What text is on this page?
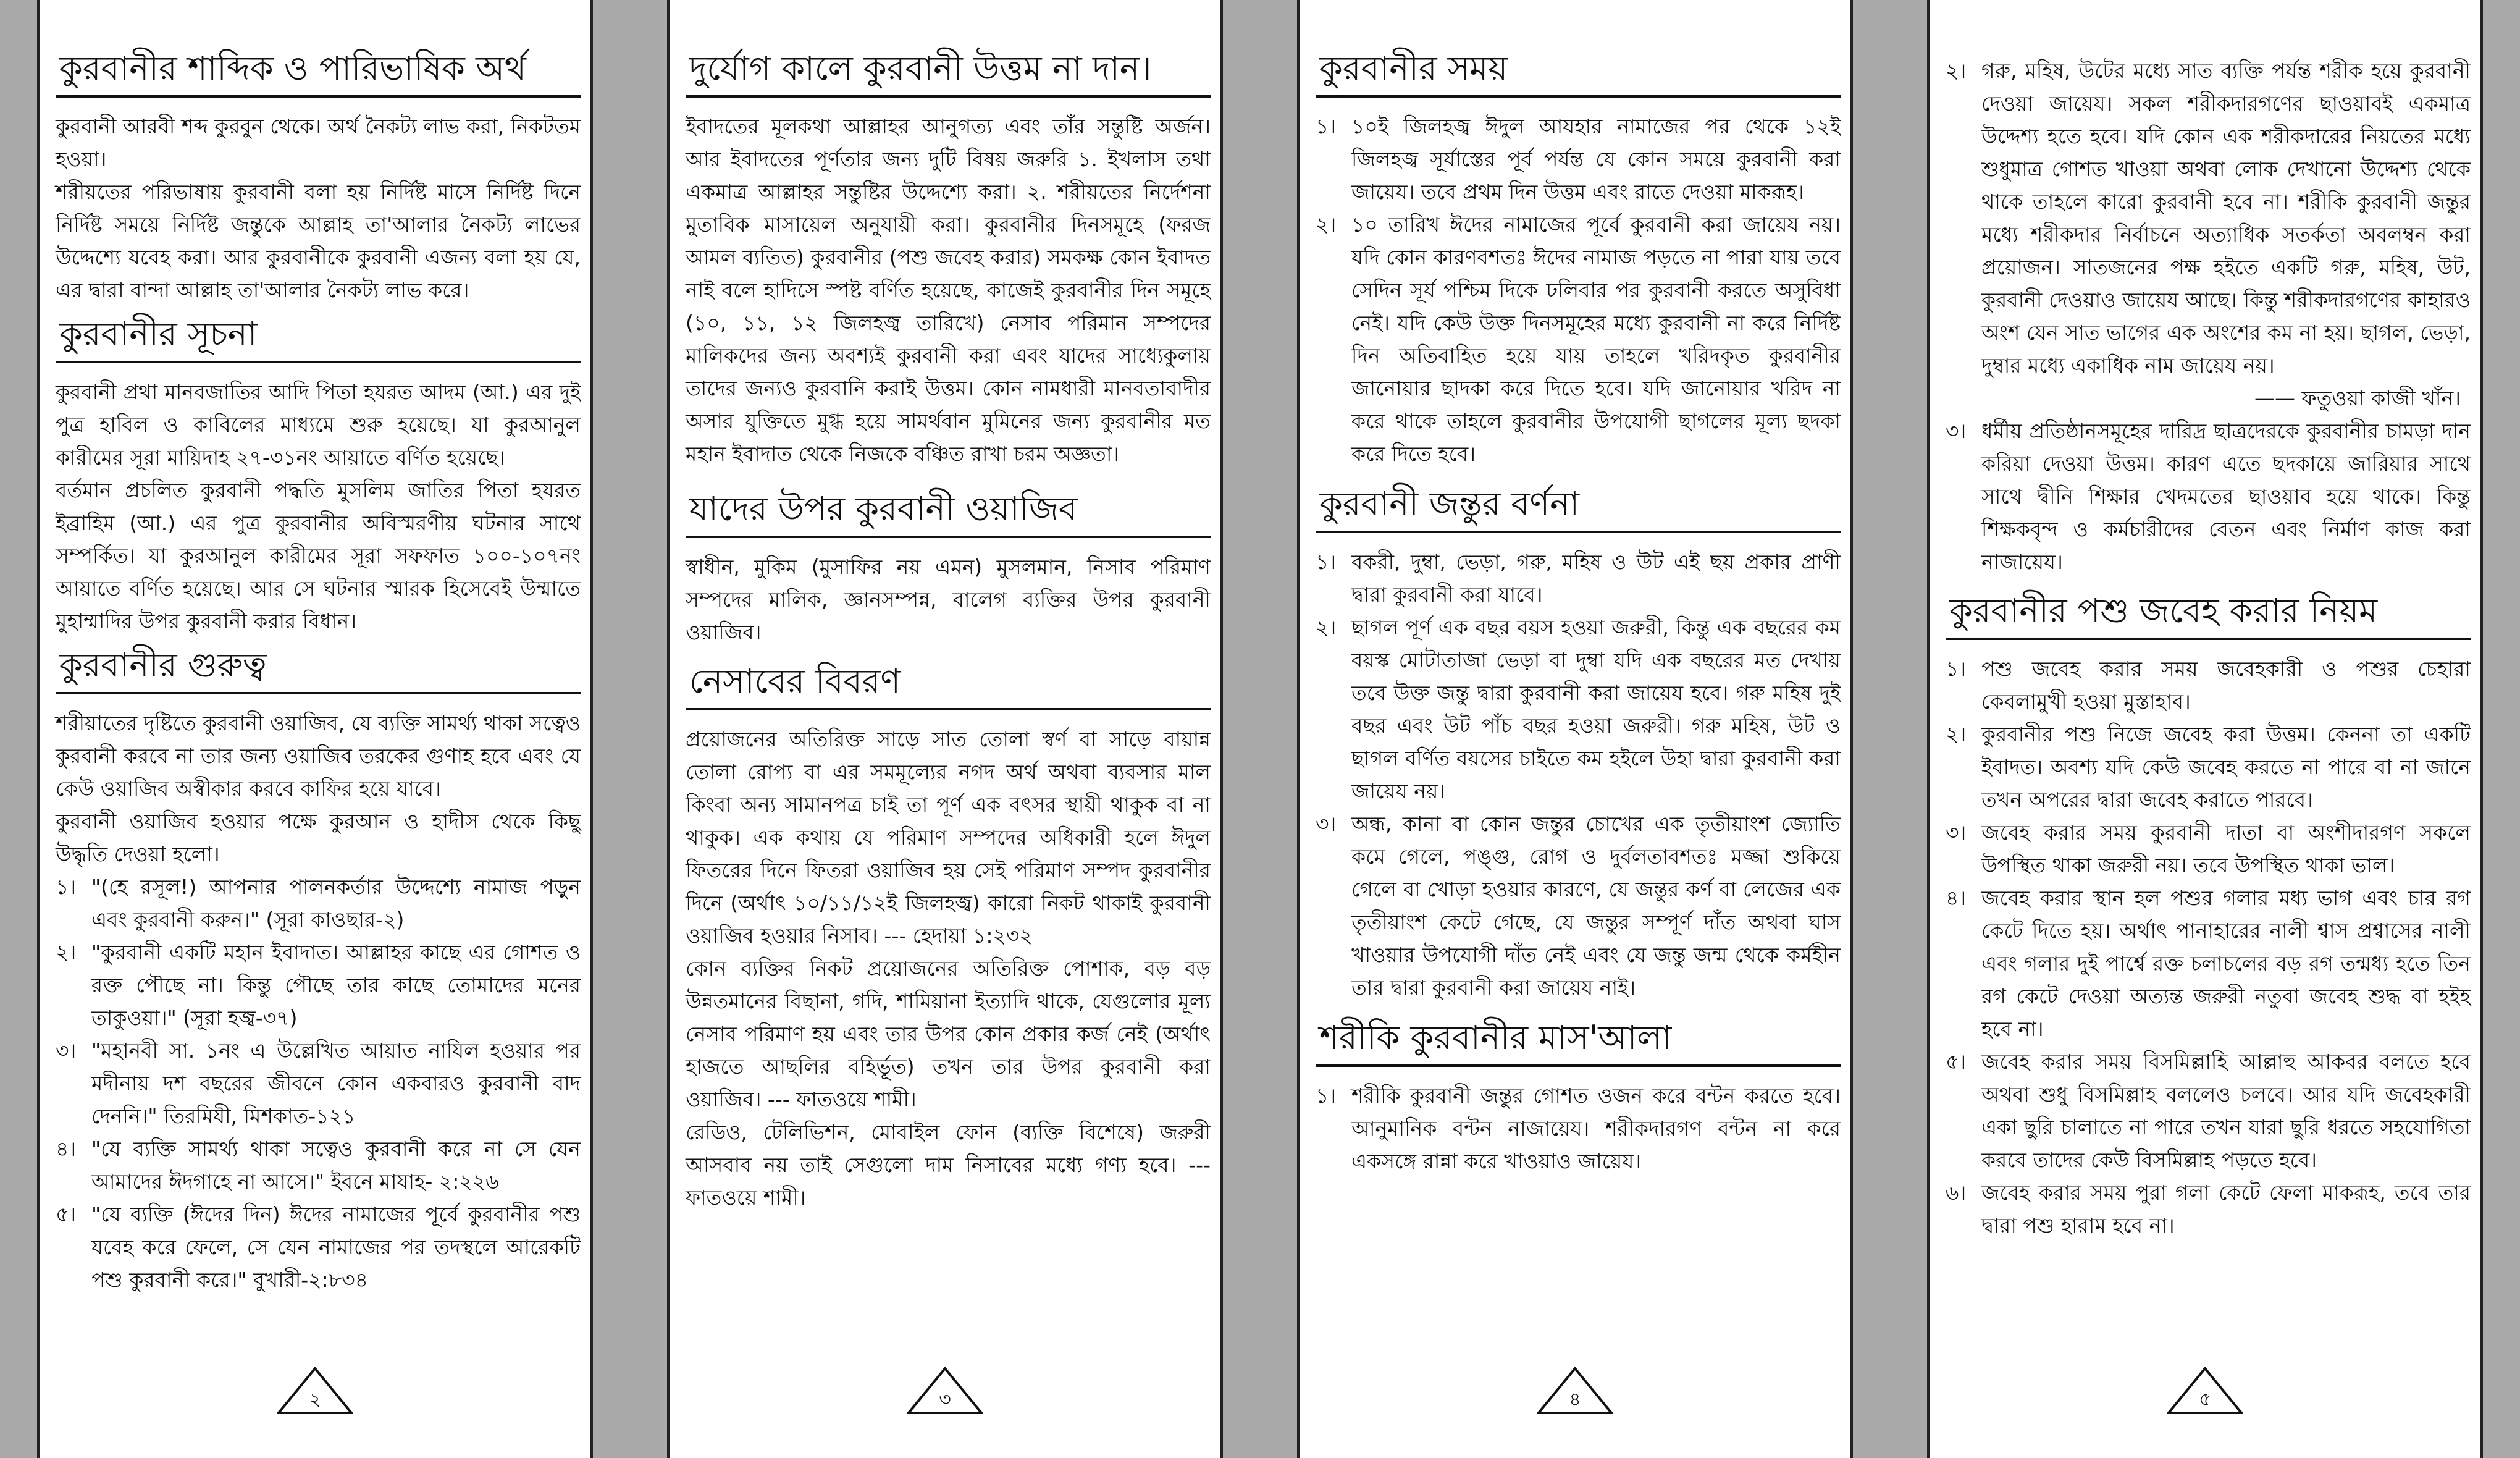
কুরবানীর শাব্দিক ও পারিভাষিক অর্থ

কুরবানী আরবী শব্দ কুরবুন থেকে। অর্থ নৈকট্য লাভ করা, নিকটতম হওয়া।

শরীয়তের পরিভাষায় কুরবানী বলা হয় নির্দিষ্ট মাসে নির্দিষ্ট দিনে নির্দিষ্ট সময়ে নির্দিষ্ট জন্তুকে আল্লাহ তা'আলার নৈকট্য লাভের উদ্দেশ্যে যবেহ করা। আর কুরবানীকে কুরবানী এজন্য বলা হয় যে, এর দ্বারা বান্দা আল্লাহ তা'আলার নৈকট্য লাভ করে।

কুরবানীর সূচনা

কুরবানী প্রথা মানবজাতির আদি পিতা হযরত আদম (আ.) এর দুই পুত্র হাবিল ও কাবিলের মাধ্যমে শুরু হয়েছে। যা কুরআনুল কারীমের সূরা মায়িদাহ ২৭-৩১নং আয়াতে বর্ণিত হয়েছে।

বর্তমান প্রচলিত কুরবানী পদ্ধতি মুসলিম জাতির পিতা হযরত ইব্রাহিম (আ.) এর পুত্র কুরবানীর অবিস্মরণীয় ঘটনার সাথে সম্পর্কিত। যা কুরআনুল কারীমের সূরা সফফাত ১০০-১০৭নং আয়াতে বর্ণিত হয়েছে। আর সে ঘটনার স্মারক হিসেবেই উম্মাতে মুহাম্মাদির উপর কুরবানী করার বিধান।

কুরবানীর গুরুত্ব

শরীয়াতের দৃষ্টিতে কুরবানী ওয়াজিব, যে ব্যক্তি সামর্থ্য থাকা সত্বেও কুরবানী করবে না তার জন্য ওয়াজিব তরকের গুণাহ হবে এবং যে কেউ ওয়াজিব অস্বীকার করবে কাফির হয়ে যাবে।

কুরবানী ওয়াজিব হওয়ার পক্ষে কুরআন ও হাদীস থেকে কিছু উদ্ধৃতি দেওয়া হলো।

১। "(হে রসূল!) আপনার পালনকর্তার উদ্দেশ্যে নামাজ পড়ুন এবং কুরবানী করুন।" (সূরা কাওছার-২)
২। "কুরবানী একটি মহান ইবাদাত। আল্লাহর কাছে এর গোশত ও রক্ত পৌছে না। কিন্তু পৌছে তার কাছে তোমাদের মনের তাকুওয়া।" (সূরা হজ্ব-৩৭)
৩। "মহানবী সা. ১নং এ উল্লেখিত আয়াত নাযিল হওয়ার পর মদীনায় দশ বছরের জীবনে কোন একবারও কুরবানী বাদ দেননি।" তিরমিযী, মিশকাত-১২১
৪। "যে ব্যক্তি সামর্থ্য থাকা সত্বেও কুরবানী করে না সে যেন আমাদের ঈদগাহে না আসে।" ইবনে মাযাহ- ২:২২৬
৫। "যে ব্যক্তি (ঈদের দিন) ঈদের নামাজের পূর্বে কুরবানীর পশু যবেহ করে ফেলে, সে যেন নামাজের পর তদস্থলে আরেকটি পশু কুরবানী করে।" বুখারী-২:৮৩৪
২
দুর্যোগ কালে কুরবানী উত্তম না দান।

ইবাদতের মূলকথা আল্লাহর আনুগত্য এবং তাঁর সন্তুষ্টি অর্জন। আর ইবাদতের পূর্ণতার জন্য দুটি বিষয় জরুরি ১. ইখলাস তথা একমাত্র আল্লাহর সন্তুষ্টির উদ্দেশ্যে করা। ২. শরীয়তের নির্দেশনা মুতাবিক মাসায়েল অনুযায়ী করা। কুরবানীর দিনসমূহে (ফরজ আমল ব্যতিত) কুরবানীর (পশু জবেহ করার) সমকক্ষ কোন ইবাদত নাই বলে হাদিসে স্পষ্ট বর্ণিত হয়েছে, কাজেই কুরবানীর দিন সমূহে (১০, ১১, ১২ জিলহজ্ব তারিখে) নেসাব পরিমান সম্পদের মালিকদের জন্য অবশ্যই কুরবানী করা এবং যাদের সাধ্যেকুলায় তাদের জন্যও কুরবানি করাই উত্তম। কোন নামধারী মানবতাবাদীর অসার যুক্তিতে মুগ্ধ হয়ে সামর্থবান মুমিনের জন্য কুরবানীর মত মহান ইবাদাত থেকে নিজকে বঞ্চিত রাখা চরম অজ্ঞতা।

যাদের উপর কুরবানী ওয়াজিব

স্বাধীন, মুকিম (মুসাফির নয় এমন) মুসলমান, নিসাব পরিমাণ সম্পদের মালিক, জ্ঞানসম্পন্ন, বালেগ ব্যক্তির উপর কুরবানী ওয়াজিব।

নেসাবের বিবরণ

প্রয়োজনের অতিরিক্ত সাড়ে সাত তোলা স্বর্ণ বা সাড়ে বায়ান্ন তোলা রোপ্য বা এর সমমূল্যের নগদ অর্থ অথবা ব্যবসার মাল কিংবা অন্য সামানপত্র চাই তা পূর্ণ এক বৎসর স্থায়ী থাকুক বা না থাকুক। এক কথায় যে পরিমাণ সম্পদের অধিকারী হলে ঈদুল ফিতরের দিনে ফিতরা ওয়াজিব হয় সেই পরিমাণ সম্পদ কুরবানীর দিনে (অর্থাৎ ১০/১১/১২ই জিলহজ্ব) কারো নিকট থাকাই কুরবানী ওয়াজিব হওয়ার নিসাব। --- হেদায়া ১:২৩২

কোন ব্যক্তির নিকট প্রয়োজনের অতিরিক্ত পোশাক, বড় বড় উন্নতমানের বিছানা, গদি, শামিয়ানা ইত্যাদি থাকে, যেগুলোর মূল্য নেসাব পরিমাণ হয় এবং তার উপর কোন প্রকার কর্জ নেই (অর্থাৎ হাজতে আছলির বহির্ভূত) তখন তার উপর কুরবানী করা ওয়াজিব। --- ফাতওয়ে শামী।

রেডিও, টেলিভিশন, মোবাইল ফোন (ব্যক্তি বিশেষে) জরুরী আসবাব নয় তাই সেগুলো দাম নিসাবের মধ্যে গণ্য হবে। --- ফাতওয়ে শামী।

৩
কুরবানীর সময়
১। ১০ই জিলহজ্ব ঈদুল আযহার নামাজের পর থেকে ১২ই জিলহজ্ব সূর্যাস্তের পূর্ব পর্যন্ত যে কোন সময়ে কুরবানী করা জায়েয। তবে প্রথম দিন উত্তম এবং রাতে দেওয়া মাকরূহ।
২। ১০ তারিখ ঈদের নামাজের পূর্বে কুরবানী করা জায়েয নয়। যদি কোন কারণবশতঃ ঈদের নামাজ পড়তে না পারা যায় তবে সেদিন সূর্য পশ্চিম দিকে ঢলিবার পর কুরবানী করতে অসুবিধা নেই। যদি কেউ উক্ত দিনসমূহের মধ্যে কুরবানী না করে নির্দিষ্ট দিন অতিবাহিত হয়ে যায় তাহলে খরিদকৃত কুরবানীর জানোয়ার ছাদকা করে দিতে হবে। যদি জানোয়ার খরিদ না করে থাকে তাহলে কুরবানীর উপযোগী ছাগলের মূল্য ছদকা করে দিতে হবে।
কুরবানী জন্তুর বর্ণনা
১। বকরী, দুম্বা, ভেড়া, গরু, মহিষ ও উট এই ছয় প্রকার প্রাণী দ্বারা কুরবানী করা যাবে।
২। ছাগল পূর্ণ এক বছর বয়স হওয়া জরুরী, কিন্তু এক বছরের কম বয়স্ক মোটাতাজা ভেড়া বা দুম্বা যদি এক বছরের মত দেখায় তবে উক্ত জন্তু দ্বারা কুরবানী করা জায়েয হবে। গরু মহিষ দুই বছর এবং উট পাঁচ বছর হওয়া জরুরী। গরু মহিষ, উট ও ছাগল বর্ণিত বয়সের চাইতে কম হইলে উহা দ্বারা কুরবানী করা জায়েয নয়।
৩। অন্ধ, কানা বা কোন জন্তুর চোখের এক তৃতীয়াংশ জ্যোতি কমে গেলে, পঙ্গু, রোগ ও দুর্বলতাবশতঃ মজ্জা শুকিয়ে গেলে বা খোড়া হওয়ার কারণে, যে জন্তুর কর্ণ বা লেজের এক তৃতীয়াংশ কেটে গেছে, যে জন্তুর সম্পূর্ণ দাঁত অথবা ঘাস খাওয়ার উপযোগী দাঁত নেই এবং যে জন্তু জন্ম থেকে কর্মহীন তার দ্বারা কুরবানী করা জায়েয নাই।
শরীকি কুরবানীর মাস'আলা
১। শরীকি কুরবানী জন্তুর গোশত ওজন করে বন্টন করতে হবে। আনুমানিক বন্টন নাজায়েয। শরীকদারগণ বন্টন না করে একসঙ্গে রান্না করে খাওয়াও জায়েয।
৪
২। গরু, মহিষ, উটের মধ্যে সাত ব্যক্তি পর্যন্ত শরীক হয়ে কুরবানী দেওয়া জায়েয। সকল শরীকদারগণের ছাওয়াবই একমাত্র উদ্দেশ্য হতে হবে। যদি কোন এক শরীকদারের নিয়তের মধ্যে শুধুমাত্র গোশত খাওয়া অথবা লোক দেখানো উদ্দেশ্য থেকে থাকে তাহলে কারো কুরবানী হবে না। শরীকি কুরবানী জন্তুর মধ্যে শরীকদার নির্বাচনে অত্যাধিক সতর্কতা অবলম্বন করা প্রয়োজন। সাতজনের পক্ষ হইতে একটি গরু, মহিষ, উট, কুরবানী দেওয়াও জায়েয আছে। কিন্তু শরীকদারগণের কাহারও অংশ যেন সাত ভাগের এক অংশের কম না হয়। ছাগল, ভেড়া, দুম্বার মধ্যে একাধিক নাম জায়েয নয়।
—— ফতুওয়া কাজী খাঁন।
৩। ধর্মীয় প্রতিষ্ঠানসমূহের দারিদ্র ছাত্রদেরকে কুরবানীর চামড়া দান করিয়া দেওয়া উত্তম। কারণ এতে ছদকায়ে জারিয়ার সাথে সাথে দ্বীনি শিক্ষার খেদমতের ছাওয়াব হয়ে থাকে। কিন্তু শিক্ষকবৃন্দ ও কর্মচারীদের বেতন এবং নির্মাণ কাজ করা নাজায়েয।
কুরবানীর পশু জবেহ করার নিয়ম
১। পশু জবেহ করার সময় জবেহকারী ও পশুর চেহারা কেবলামুখী হওয়া মুস্তাহাব।
২। কুরবানীর পশু নিজে জবেহ করা উত্তম। কেননা তা একটি ইবাদত। অবশ্য যদি কেউ জবেহ করতে না পারে বা না জানে তখন অপরের দ্বারা জবেহ করাতে পারবে।
৩। জবেহ করার সময় কুরবানী দাতা বা অংশীদারগণ সকলে উপস্থিত থাকা জরুরী নয়। তবে উপস্থিত থাকা ভাল।
৪। জবেহ করার স্থান হল পশুর গলার মধ্য ভাগ এবং চার রগ কেটে দিতে হয়। অর্থাৎ পানাহারের নালী শ্বাস প্রশ্বাসের নালী এবং গলার দুই পার্শ্বে রক্ত চলাচলের বড় রগ তন্মধ্য হতে তিন রগ কেটে দেওয়া অত্যন্ত জরুরী নতুবা জবেহ শুদ্ধ বা হইহ হবে না।
৫। জবেহ করার সময় বিসমিল্লাহি আল্লাহু আকবর বলতে হবে অথবা শুধু বিসমিল্লাহ বললেও চলবে। আর যদি জবেহকারী একা ছুরি চালাতে না পারে তখন যারা ছুরি ধরতে সহযোগিতা করবে তাদের কেউ বিসমিল্লাহ পড়তে হবে।
৬। জবেহ করার সময় পুরা গলা কেটে ফেলা মাকরূহ, তবে তার দ্বারা পশু হারাম হবে না।
৫
